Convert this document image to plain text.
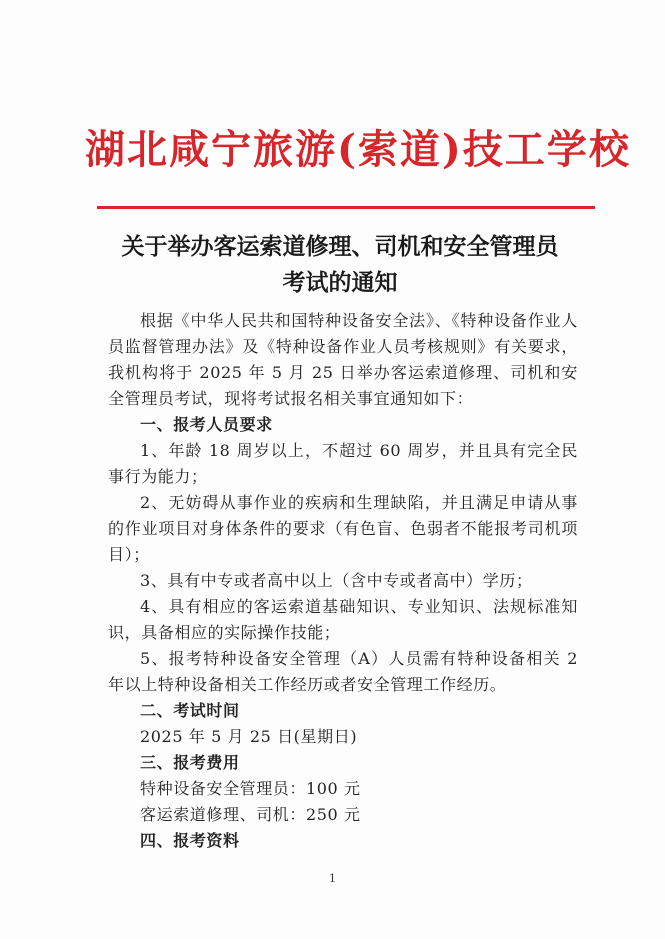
湖北咸宁旅游(索道)技工学校
关于举办客运索道修理、司机和安全管理员
考试的通知

根据《中华人民共和国特种设备安全法》、《特种设备作业人员监督管理办法》及《特种设备作业人员考核规则》有关要求，我机构将于 2025 年 5 月 25 日举办客运索道修理、司机和安全管理员考试，现将考试报名相关事宜通知如下：

一、报考人员要求

1、年龄 18 周岁以上，不超过 60 周岁，并且具有完全民事行为能力；

2、无妨碍从事作业的疾病和生理缺陷，并且满足申请从事的作业项目对身体条件的要求（有色盲、色弱者不能报考司机项目）；

3、具有中专或者高中以上（含中专或者高中）学历；

4、具有相应的客运索道基础知识、专业知识、法规标准知识，具备相应的实际操作技能；

5、报考特种设备安全管理（A）人员需有特种设备相关 2 年以上特种设备相关工作经历或者安全管理工作经历。

二、考试时间

2025 年 5 月 25 日(星期日)

三、报考费用

特种设备安全管理员：100 元

客运索道修理、司机：250 元

四、报考资料

1
